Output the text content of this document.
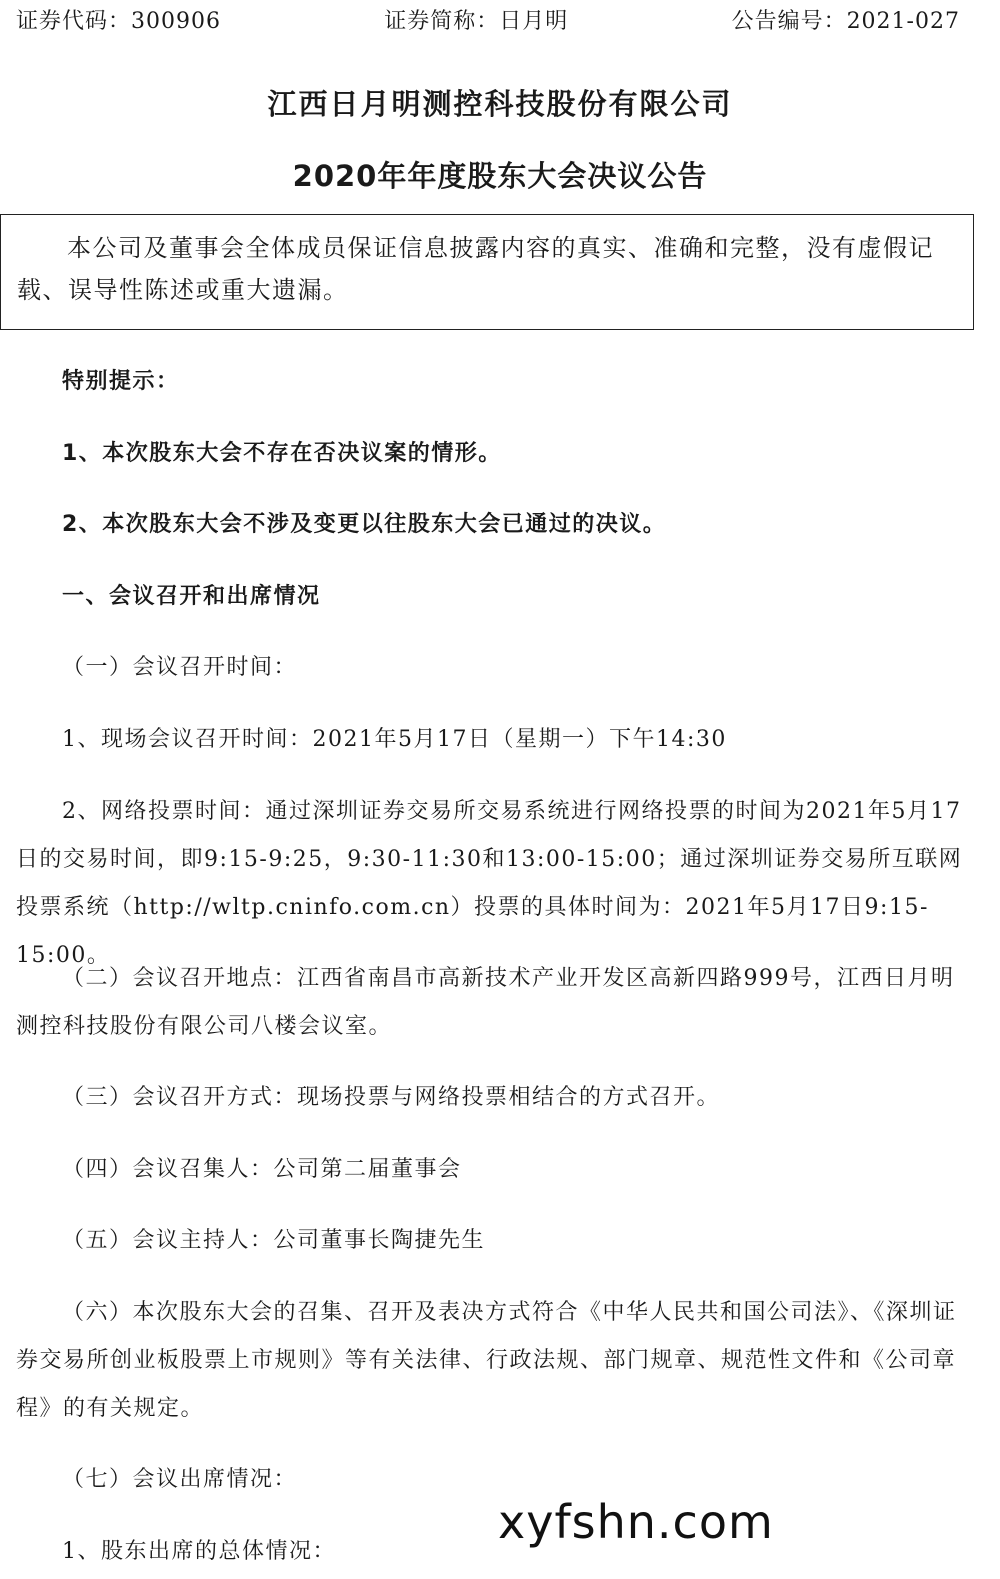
证券代码：300906	证券简称：日月明	公告编号：2021-027
江西日月明测控科技股份有限公司
2020年年度股东大会决议公告
本公司及董事会全体成员保证信息披露内容的真实、准确和完整，没有虚假记载、误导性陈述或重大遗漏。
特别提示：
1、本次股东大会不存在否决议案的情形。
2、本次股东大会不涉及变更以往股东大会已通过的决议。
一、会议召开和出席情况
（一）会议召开时间：
1、现场会议召开时间：2021年5月17日（星期一）下午14:30
2、网络投票时间：通过深圳证券交易所交易系统进行网络投票的时间为2021年5月17日的交易时间，即9:15-9:25，9:30-11:30和13:00-15:00；通过深圳证券交易所互联网投票系统（http://wltp.cninfo.com.cn）投票的具体时间为：2021年5月17日9:15-15:00。
（二）会议召开地点：江西省南昌市高新技术产业开发区高新四路999号，江西日月明测控科技股份有限公司八楼会议室。
（三）会议召开方式：现场投票与网络投票相结合的方式召开。
（四）会议召集人：公司第二届董事会
（五）会议主持人：公司董事长陶捷先生
（六）本次股东大会的召集、召开及表决方式符合《中华人民共和国公司法》、《深圳证券交易所创业板股票上市规则》等有关法律、行政法规、部门规章、规范性文件和《公司章程》的有关规定。
（七）会议出席情况：
1、股东出席的总体情况：
xyfshn.com
